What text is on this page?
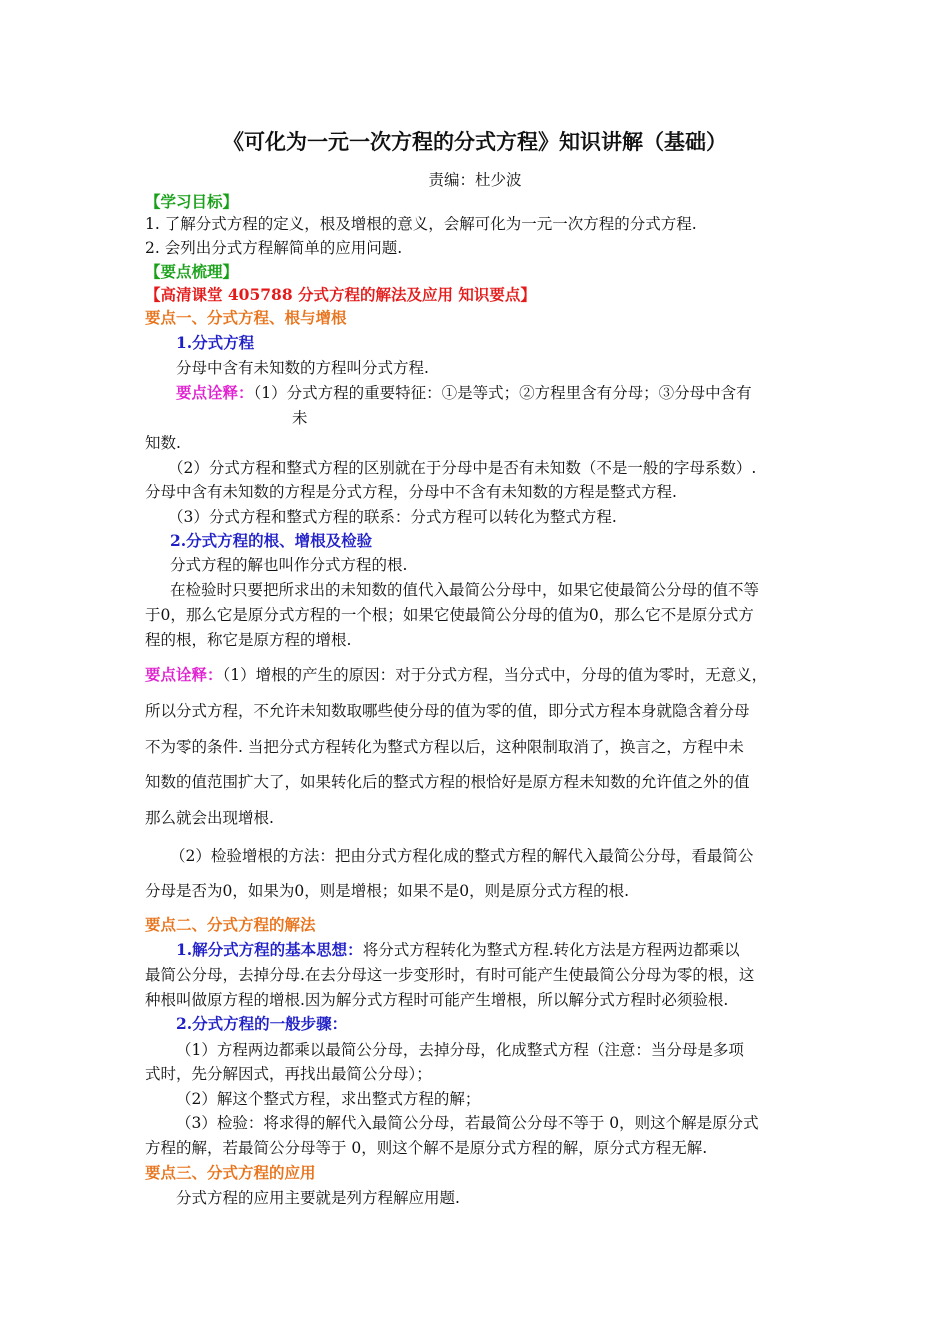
《可化为一元一次方程的分式方程》知识讲解（基础）
责编：杜少波
【学习目标】
1. 了解分式方程的定义，根及增根的意义，会解可化为一元一次方程的分式方程.
2. 会列出分式方程解简单的应用问题.
【要点梳理】
【高清课堂 405788 分式方程的解法及应用 知识要点】
要点一、分式方程、根与增根
1.分式方程
分母中含有未知数的方程叫分式方程.
要点诠释：（1）分式方程的重要特征：①是等式；②方程里含有分母；③分母中含有
未
知数.
（2）分式方程和整式方程的区别就在于分母中是否有未知数（不是一般的字母系数）.
分母中含有未知数的方程是分式方程，分母中不含有未知数的方程是整式方程.
（3）分式方程和整式方程的联系：分式方程可以转化为整式方程.
2.分式方程的根、增根及检验
分式方程的解也叫作分式方程的根.
在检验时只要把所求出的未知数的值代入最简公分母中，如果它使最简公分母的值不等
于0，那么它是原分式方程的一个根；如果它使最简公分母的值为0，那么它不是原分式方
程的根，称它是原方程的增根.
要点诠释：（1）增根的产生的原因：对于分式方程，当分式中，分母的值为零时，无意义，
所以分式方程，不允许未知数取哪些使分母的值为零的值，即分式方程本身就隐含着分母
不为零的条件. 当把分式方程转化为整式方程以后，这种限制取消了，换言之，方程中未
知数的值范围扩大了，如果转化后的整式方程的根恰好是原方程未知数的允许值之外的值
那么就会出现增根.
（2）检验增根的方法：把由分式方程化成的整式方程的解代入最简公分母，看最简公
分母是否为0，如果为0，则是增根；如果不是0，则是原分式方程的根.
要点二、分式方程的解法
1.解分式方程的基本思想：将分式方程转化为整式方程.转化方法是方程两边都乘以
最简公分母，去掉分母.在去分母这一步变形时，有时可能产生使最简公分母为零的根，这
种根叫做原方程的增根.因为解分式方程时可能产生增根，所以解分式方程时必须验根.
2.分式方程的一般步骤：
（1）方程两边都乘以最简公分母，去掉分母，化成整式方程（注意：当分母是多项
式时，先分解因式，再找出最简公分母）；
（2）解这个整式方程，求出整式方程的解；
（3）检验：将求得的解代入最简公分母，若最简公分母不等于 0，则这个解是原分式
方程的解，若最简公分母等于 0，则这个解不是原分式方程的解，原分式方程无解.
要点三、分式方程的应用
分式方程的应用主要就是列方程解应用题.
